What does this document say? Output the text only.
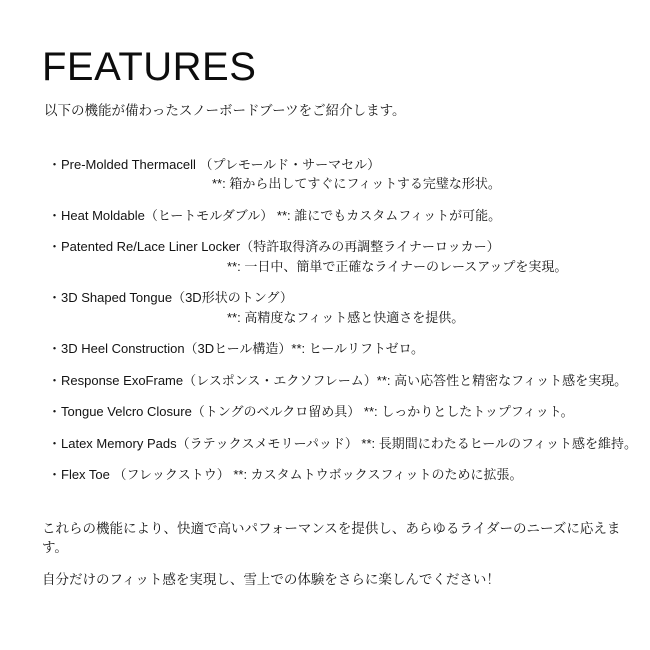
FEATURES

以下の機能が備わったスノーボードブーツをご紹介します。

・Pre-Molded Thermacell （プレモールド・サーマセル）
**: 箱から出してすぐにフィットする完璧な形状。
・Heat Moldable（ヒートモルダブル） **: 誰にでもカスタムフィットが可能。
・Patented Re/Lace Liner Locker（特許取得済みの再調整ライナーロッカー）
**: 一日中、簡単で正確なライナーのレースアップを実現。
・3D Shaped Tongue（3D形状のトング）
**: 高精度なフィット感と快適さを提供。
・3D Heel Construction（3Dヒール構造）**: ヒールリフトゼロ。
・Response ExoFrame（レスポンス・エクソフレーム）**: 高い応答性と精密なフィット感を実現。
・Tongue Velcro Closure（トングのベルクロ留め具） **: しっかりとしたトップフィット。
・Latex Memory Pads（ラテックスメモリーパッド） **: 長期間にわたるヒールのフィット感を維持。
・Flex Toe （フレックストウ） **: カスタムトウボックスフィットのために拡張。

これらの機能により、快適で高いパフォーマンスを提供し、あらゆるライダーのニーズに応えます。

自分だけのフィット感を実現し、雪上での体験をさらに楽しんでください！
